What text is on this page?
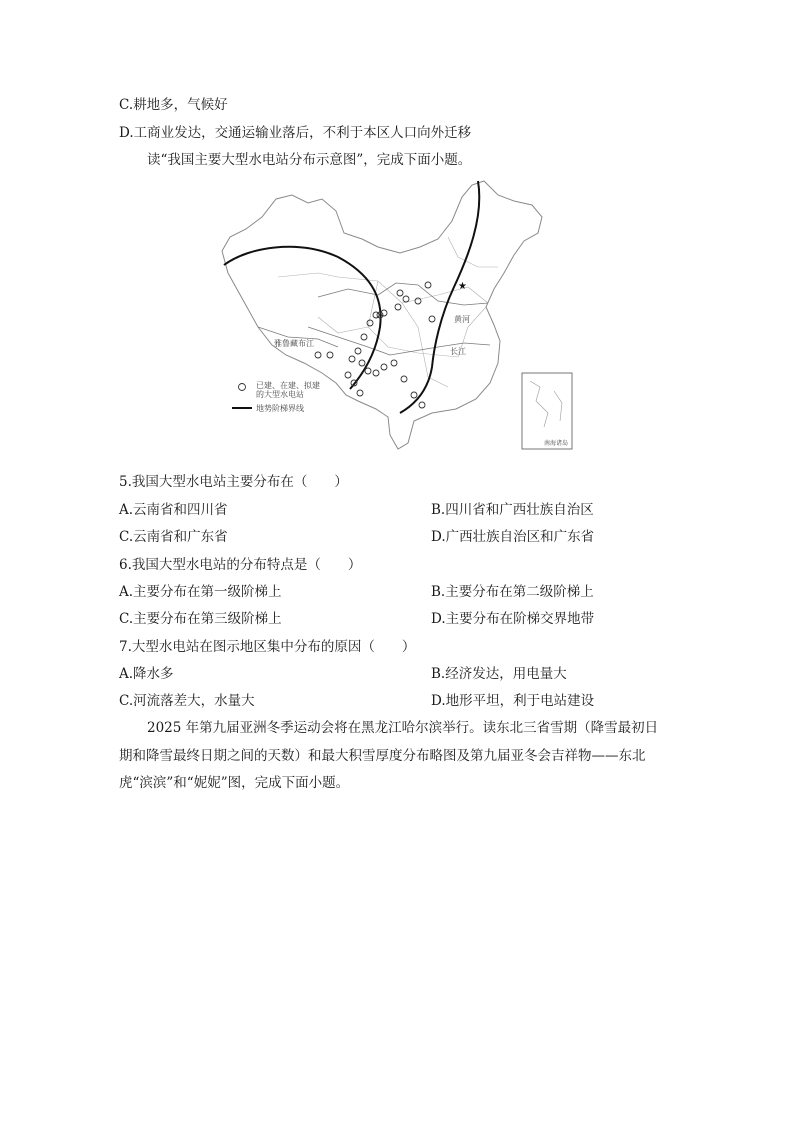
C.耕地多，气候好
D.工商业发达，交通运输业落后，不利于本区人口向外迁移
读“我国主要大型水电站分布示意图”，完成下面小题。
★
雅鲁藏布江
黄河
长江
已建、在建、拟建
的大型水电站
地势阶梯界线
南海诸岛
5.我国大型水电站主要分布在（　　）
A.云南省和四川省	B.四川省和广西壮族自治区
C.云南省和广东省	D.广西壮族自治区和广东省
6.我国大型水电站的分布特点是（　　）
A.主要分布在第一级阶梯上	B.主要分布在第二级阶梯上
C.主要分布在第三级阶梯上	D.主要分布在阶梯交界地带
7.大型水电站在图示地区集中分布的原因（　　）
A.降水多	B.经济发达，用电量大
C.河流落差大，水量大	D.地形平坦，利于电站建设
2025 年第九届亚洲冬季运动会将在黑龙江哈尔滨举行。读东北三省雪期（降雪最初日
期和降雪最终日期之间的天数）和最大积雪厚度分布略图及第九届亚冬会吉祥物——东北
虎“滨滨”和“妮妮”图，完成下面小题。
